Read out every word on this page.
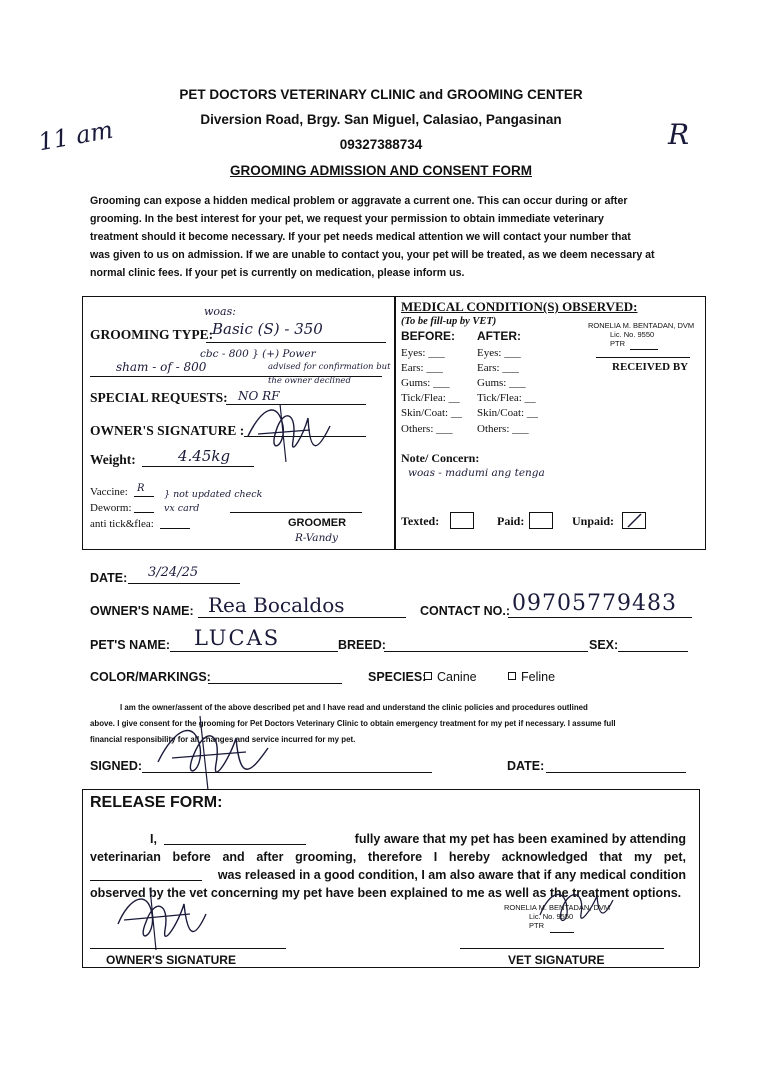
PET DOCTORS VETERINARY CLINIC and GROOMING CENTER
Diversion Road, Brgy. San Miguel, Calasiao, Pangasinan
09327388734
GROOMING ADMISSION AND CONSENT FORM
11 am	R
Grooming can expose a hidden medical problem or aggravate a current one. This can occur during or after
grooming. In the best interest for your pet, we request your permission to obtain immediate veterinary
treatment should it become necessary. If your pet needs medical attention we will contact your number that
was given to us on admission. If we are unable to contact you, your pet will be treated, as we deem necessary at
normal clinic fees. If your pet is currently on medication, please inform us.
woas:
GROOMING TYPE:
Basic (S) - 350
cbc - 800 } (+) Power
sham - of - 800	advised for confirmation but the owner declined
SPECIAL REQUESTS: NO RF
OWNER'S SIGNATURE :
Weight:	4.45kg
Vaccine: R
Deworm:
anti tick&flea:
} not updated check vx card
GROOMER
R-Vandy
MEDICAL CONDITION(S) OBSERVED:
(To be fill-up by VET)
BEFORE: AFTER:
Eyes: ___	Eyes: ___
Ears: ___	Ears: ___
Gums: ___ Gums: ___
Tick/Flea: __ Tick/Flea: __
Skin/Coat: __ Skin/Coat: __
Others: ___ Others: ___
RONELIA M. BENTADAN, DVM
Lic. No. 9550
PTR
RECEIVED BY
Note/ Concern:
woas - madumi ang tenga
Texted:	Paid:	Unpaid:
DATE: 3/24/25
OWNER'S NAME: Rea Bocaldos	CONTACT NO.: 09705779483
PET'S NAME: LUCAS	BREED:	SEX:
COLOR/MARKINGS:	SPECIES: Canine	Feline
I am the owner/assent of the above described pet and I have read and understand the clinic policies and procedures outlined
above. I give consent for the grooming for Pet Doctors Veterinary Clinic to obtain emergency treatment for my pet if necessary. I assume full
financial responsibility for all changes and service incurred for my pet.
SIGNED:	DATE:
RELEASE FORM:
I,	fully aware that my pet has been examined by attending
veterinarian before and after grooming, therefore I hereby acknowledged that my pet,
was released in a good condition, I am also aware that if any medical condition
observed by the vet concerning my pet have been explained to me as well as the treatment options.
RONELIA M. BENTADAN, DVM
Lic. No. 9550
PTR
OWNER'S SIGNATURE	VET SIGNATURE
